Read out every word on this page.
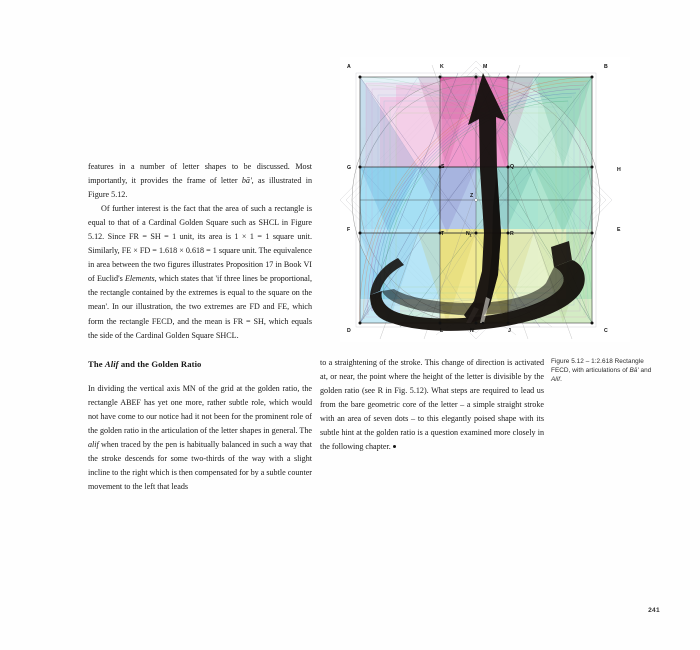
A	K	M	B
G	S	Q	H
Z
F
T	$N_1$	R
E
D	L	N	J	C

features in a number of letter shapes to be discussed. Most importantly, it provides the frame of letter bā', as illustrated in Figure 5.12.

Of further interest is the fact that the area of such a rectangle is equal to that of a Cardinal Golden Square such as SHCL in Figure 5.12. Since FR = SH = 1 unit, its area is 1 × 1 = 1 square unit. Similarly, FE × FD = 1.618 × 0.618 = 1 square unit. The equivalence in area between the two figures illustrates Proposition 17 in Book VI of Euclid's Elements, which states that 'if three lines be proportional, the rectangle contained by the extremes is equal to the square on the mean'. In our illustration, the two extremes are FD and FE, which form the rectangle FECD, and the mean is FR = SH, which equals the side of the Cardinal Golden Square SHCL.

The Alif and the Golden Ratio

In dividing the vertical axis MN of the grid at the golden ratio, the rectangle ABEF has yet one more, rather subtle role, which would not have come to our notice had it not been for the prominent role of the golden ratio in the articulation of the letter shapes in general. The alif when traced by the pen is habitually balanced in such a way that the stroke descends for some two-thirds of the way with a slight incline to the right which is then compensated for by a subtle counter movement to the left that leads

to a straightening of the stroke. This change of direction is activated at, or near, the point where the height of the letter is divisible by the golden ratio (see R in Fig. 5.12). What steps are required to lead us from the bare geometric core of the letter – a simple straight stroke with an area of seven dots – to this elegantly poised shape with its subtle hint at the golden ratio is a question examined more closely in the following chapter.

Figure 5.12 – 1:2.618 Rectangle FECD, with articulations of Bā' and Alif.
241
